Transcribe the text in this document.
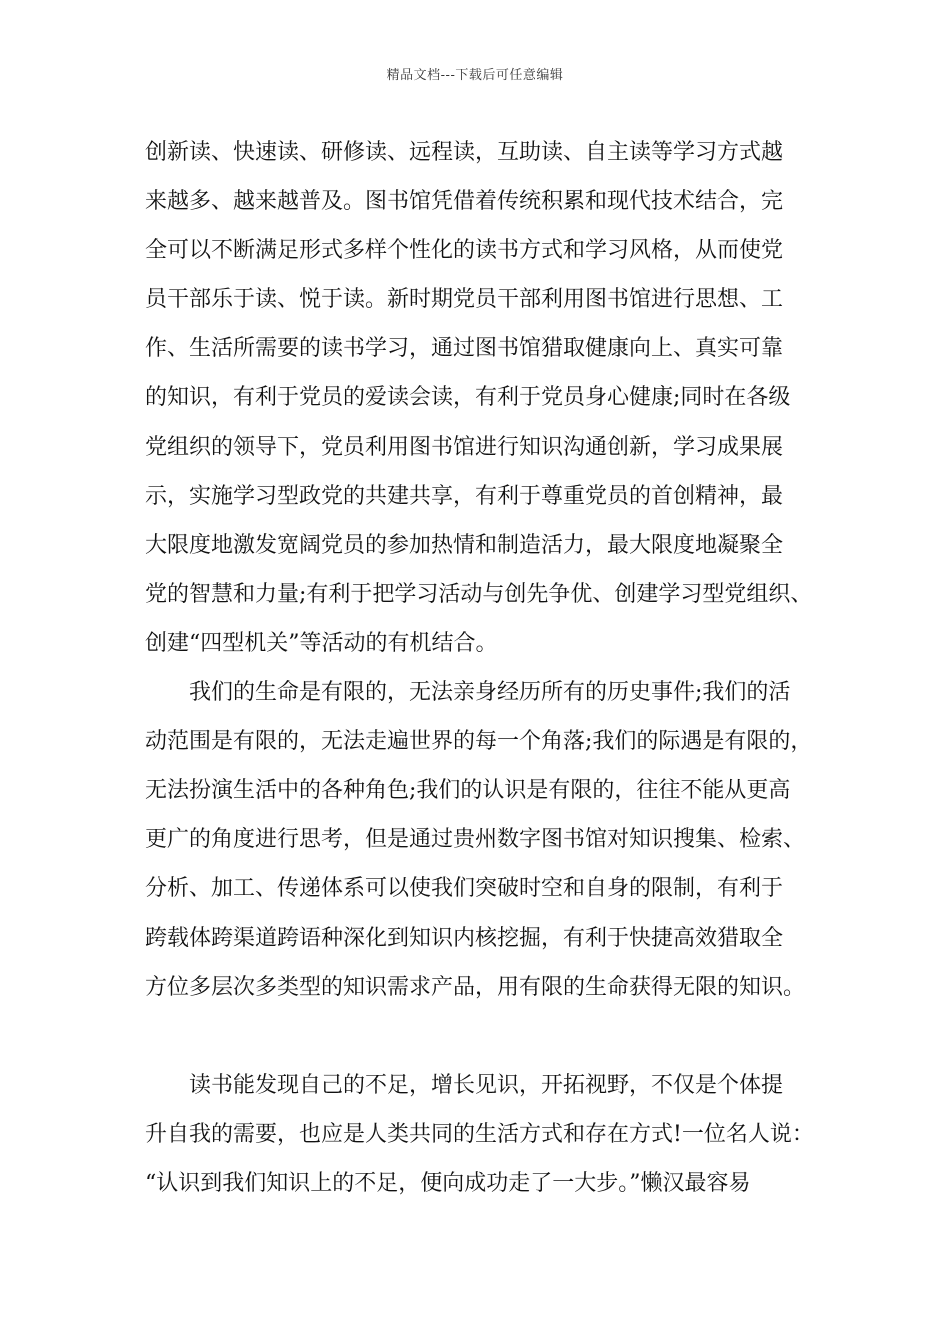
精品文档---下载后可任意编辑
创新读、快速读、研修读、远程读，互助读、自主读等学习方式越
来越多、越来越普及。图书馆凭借着传统积累和现代技术结合，完
全可以不断满足形式多样个性化的读书方式和学习风格，从而使党
员干部乐于读、悦于读。新时期党员干部利用图书馆进行思想、工
作、生活所需要的读书学习，通过图书馆猎取健康向上、真实可靠
的知识，有利于党员的爱读会读，有利于党员身心健康;同时在各级
党组织的领导下，党员利用图书馆进行知识沟通创新，学习成果展
示，实施学习型政党的共建共享，有利于尊重党员的首创精神，最
大限度地激发宽阔党员的参加热情和制造活力，最大限度地凝聚全
党的智慧和力量;有利于把学习活动与创先争优、创建学习型党组织、
创建“四型机关”等活动的有机结合。
我们的生命是有限的，无法亲身经历所有的历史事件;我们的活
动范围是有限的，无法走遍世界的每一个角落;我们的际遇是有限的，
无法扮演生活中的各种角色;我们的认识是有限的，往往不能从更高
更广的角度进行思考，但是通过贵州数字图书馆对知识搜集、检索、
分析、加工、传递体系可以使我们突破时空和自身的限制，有利于
跨载体跨渠道跨语种深化到知识内核挖掘，有利于快捷高效猎取全
方位多层次多类型的知识需求产品，用有限的生命获得无限的知识。
读书能发现自己的不足，增长见识，开拓视野，不仅是个体提
升自我的需要，也应是人类共同的生活方式和存在方式!一位名人说：
“认识到我们知识上的不足，便向成功走了一大步。”懒汉最容易
